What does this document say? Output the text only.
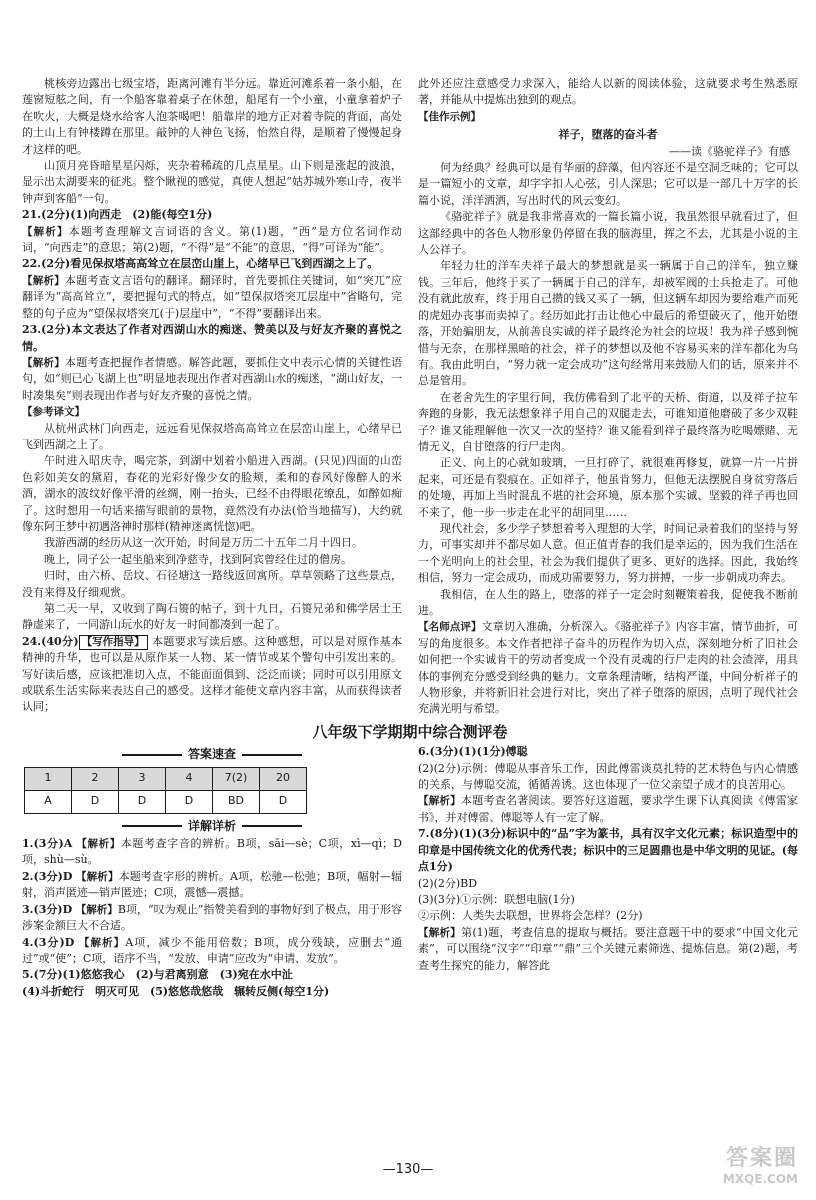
桃核旁边露出七级宝塔，距离河滩有半分远。靠近河滩系着一条小船，在莲窗短舷之间，有一个船客靠着桌子在休憩，船尾有一个小童，小童拿着炉子在吹火，大概是烧水给客人泡茶喝吧！船靠岸的地方正对着寺院的背面，高处的土山上有钟楼蹲在那里。敲钟的人神色飞扬，怡然自得，是顺着了慢慢起身才这样的吧。

山顶月亮昏暗星星闪烁，夹杂着稀疏的几点星星。山下则是涨起的波浪，显示出太湖要来的征兆。整个瞅视的感觉，真使人想起“姑苏城外寒山寺，夜半钟声到客船”一句。

21.(2分)(1)向西走　(2)能(每空1分)

【解析】本题考查理解文言词语的含义。第(1)题，“西”是方位名词作动词，“向西走”的意思；第(2)题，“不得”是“不能”的意思，“得”可译为“能”。

22.(2分)看见保叔塔高高耸立在层峦山崖上，心绪早已飞到西湖之上了。

【解析】本题考查文言语句的翻译。翻译时，首先要抓住关键词，如“突兀”应翻译为“高高耸立”，要把握句式的特点，如“望保叔塔突兀层崖中”省略句，完整的句子应为“望保叔塔突兀(于)层崖中”，“不得”要翻译出来。

23.(2分)本文表达了作者对西湖山水的痴迷、赞美以及与好友齐聚的喜悦之情。

【解析】本题考查把握作者情感。解答此题，要抓住文中表示心情的关键性语句，如“则已心飞湖上也”明显地表现出作者对西湖山水的痴迷，“湖山好友，一时凑集矣”则表现出作者与好友齐聚的喜悦之情。

【参考译文】

从杭州武林门向西走，远远看见保叔塔高高耸立在层峦山崖上，心绪早已飞到西湖之上了。

午时进入昭庆寺，喝完茶，到湖中划着小船进入西湖。(只见)四面的山峦色彩如美女的黛眉，春花的光彩好像少女的脸颊，柔和的春风好像醉人的米酒，湖水的波纹好像平滑的丝绸，刚一抬头，已经不由得眼花缭乱，如醉如痴了。这时想用一句话来描写眼前的景物，竟然没有办法(恰当地描写)，大约就像东阿王梦中初遇洛神时那样(精神迷离恍惚)吧。

我游西湖的经历从这一次开始，时间是万历二十五年二月十四日。

晚上，同子公一起坐船来到净慈寺，找到阿宾曾经住过的僧房。

归时，由六桥、岳坟、石径塘这一路线返回寓所。草草领略了这些景点，没有来得及仔细观赏。

第二天一早，又收到了陶石篑的帖子，到十九日，石篑兄弟和佛学居士王静虚来了，一同游山玩水的好友一时间都凑到一起了。

24.(40分) 【写作指导】 本题要求写读后感。这种感想，可以是对原作基本精神的升华，也可以是从原作某一人物、某一情节或某个警句中引发出来的。写好读后感，应该把准切入点，不能面面俱到、泛泛而谈；同时可以引用原文或联系生活实际来表达自己的感受。这样才能使文章内容丰富，从而获得读者认同；

此外还应注意感受力求深入，能给人以新的阅读体验，这就要求考生熟悉原著，并能从中提炼出独到的观点。

【佳作示例】

祥子，堕落的奋斗者

——读《骆驼祥子》有感

何为经典？经典可以是有华丽的辞藻，但内容还不是空洞乏味的；它可以是一篇短小的文章，却字字扣人心弦，引人深思；它可以是一部几十万字的长篇小说，洋洋洒洒，写出时代的风云变幻。

《骆驼祥子》就是我非常喜欢的一篇长篇小说，我虽然很早就看过了，但这部经典中的各色人物形象仍停留在我的脑海里，挥之不去，尤其是小说的主人公祥子。

年轻力壮的洋车夫祥子最大的梦想就是买一辆属于自己的洋车，独立赚钱。三年后，他终于买了一辆属于自己的洋车，却被军阀的士兵抢走了。可他没有就此放弃，终于用自己攒的钱又买了一辆，但这辆车却因为要给难产而死的虎妞办丧事而卖掉了。经历如此打击让他心中最后的希望破灭了，他开始堕落，开始骗朋友，从前善良实诚的祥子最终沦为社会的垃圾！我为祥子感到惋惜与无奈，在那样黑暗的社会，祥子的梦想以及他不容易买来的洋车都化为乌有。我由此明白，“努力就一定会成功”这句经常用来鼓励人们的话，原来并不总是管用。

在老舍先生的字里行间，我仿佛看到了北平的天桥、街道，以及祥子拉车奔跑的身影，我无法想象祥子用自己的双腿走去，可谁知道他磨破了多少双鞋子？谁又能理解他一次又一次的坚持？谁又能看到祥子最终落为吃喝嫖赌、无情无义，自甘堕落的行尸走肉。

正义、向上的心就如玻璃，一旦打碎了，就很难再修复，就算一片一片拼起来，可还是有裂痕在。正如祥子，他虽肯努力，但他无法摆脱自身贫穷落后的处境，再加上当时混乱不堪的社会环境，原本那个实诚、坚毅的祥子再也回不来了，他一步一步走在北平的胡同里……

现代社会，多少学子梦想着考入理想的大学，时间记录着我们的坚持与努力，可事实却并不都尽如人意。但正值青春的我们是幸运的，因为我们生活在一个光明向上的社会里，社会为我们提供了更多、更好的选择。因此，我始终相信，努力一定会成功，而成功需要努力，努力拼搏，一步一步朝成功奔去。

我相信，在人生的路上，堕落的祥子一定会时刻鞭策着我，促使我不断前进。

【名师点评】文章切入准确，分析深入。《骆驼祥子》内容丰富，情节曲折，可写的角度很多。本文作者把祥子奋斗的历程作为切入点，深刻地分析了旧社会如何把一个实诚肯干的劳动者变成一个没有灵魂的行尸走肉的社会渣滓，用具体的事例充分感受到经典的魅力。文章条理清晰，结构严谨，中间分析祥子的人物形象，并将新旧社会进行对比，突出了祥子堕落的原因，点明了现代社会充满光明与希望。

八年级下学期期中综合测评卷
答案速查
1	2	3	4	7(2)	20
A	D	D	D	BD	D
详解详析

1.(3分)A 【解析】本题考查字音的辨析。B项，sāi—sè；C项，xì—qì；D项，shù—sù。

2.(3分)D 【解析】本题考查字形的辨析。A项，松驰—松弛；B项，幅射—辐射，消声匿迹—销声匿迹；C项，震憾—震撼。

3.(3分)D 【解析】B项，“叹为观止”指赞美看到的事物好到了极点，用于形容涉案金额巨大不合适。

4.(3分)D 【解析】A项，减少不能用倍数；B项，成分残缺，应删去“通过”或“使”；C项，语序不当，“发放、申请”应改为“申请、发放”。

5.(7分)(1)悠悠我心　(2)与君离别意　(3)宛在水中沚

(4)斗折蛇行　明灭可见　(5)悠悠哉悠哉　辗转反侧(每空1分)

6.(3分)(1)(1分)傅聪

(2)(2分)示例：傅聪从事音乐工作，因此傅雷谈莫扎特的艺术特色与内心情感的关系，与傅聪交流，循循善诱。这也体现了一位父亲望子成才的良苦用心。

【解析】本题考查名著阅读。要答好这道题，要求学生课下认真阅读《傅雷家书》，并对傅雷、傅聪等人有一定了解。

7.(8分)(1)(3分)标识中的“品”字为篆书，具有汉字文化元素；标识造型中的印章是中国传统文化的优秀代表；标识中的三足圆鼎也是中华文明的见证。(每点1分)

(2)(2分)BD

(3)(3分)①示例：联想电脑(1分)

②示例：人类失去联想，世界将会怎样？(2分)

【解析】第(1)题，考查信息的提取与概括。要注意题干中的要求“中国文化元素”，可以围绕“汉字”“印章”“鼎”三个关键元素筛选、提炼信息。第(2)题，考查考生探究的能力，解答此

—130—	答案圈
MXQE.COM
